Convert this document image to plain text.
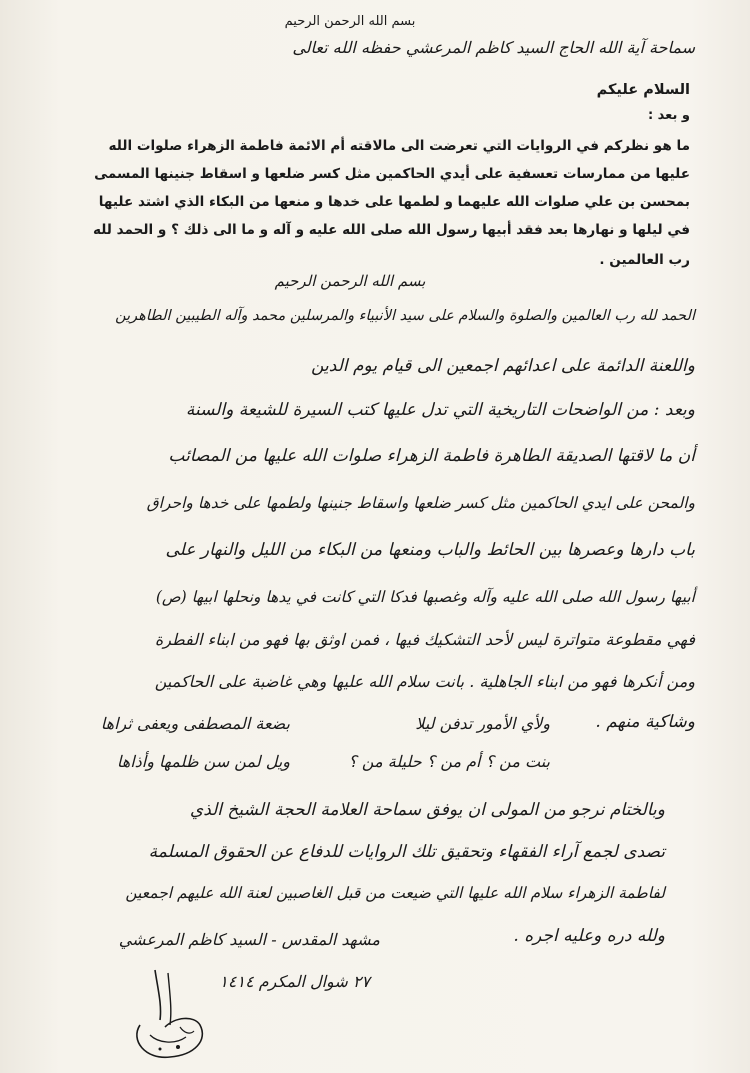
بسم الله الرحمن الرحيم
سماحة آية الله الحاج السيد كاظم المرعشي حفظه الله تعالى
السلام عليكم
و بعد :
ما هو نظركم في الروايات التي تعرضت الى مالاقته أم الائمة فاطمة الزهراء صلوات الله
عليها من ممارسات تعسفية على أيدي الحاكمين مثل كسر ضلعها و اسقاط جنينها المسمى
بمحسن بن علي صلوات الله عليهما و لطمها على خدها و منعها من البكاء الذي اشتد عليها
في ليلها و نهارها بعد فقد أبيها رسول الله صلى الله عليه و آله و ما الى ذلك ؟ و الحمد لله
رب العالمين .
بسم الله الرحمن الرحيم
الحمد لله رب العالمين والصلوة والسلام على سيد الأنبياء والمرسلين محمد وآله الطيبين الطاهرين
واللعنة الدائمة على اعدائهم اجمعين الى قيام يوم الدين
وبعد : من الواضحات التاريخية التي تدل عليها كتب السيرة للشيعة والسنة
أن ما لاقتها الصديقة الطاهرة فاطمة الزهراء صلوات الله عليها من المصائب
والمحن على ايدي الحاكمين مثل كسر ضلعها واسقاط جنينها ولطمها على خدها واحراق
باب دارها وعصرها بين الحائط والباب ومنعها من البكاء من الليل والنهار على
أبيها رسول الله صلى الله عليه وآله وغصبها فدكا التي كانت في يدها ونحلها ابيها (ص)
فهي مقطوعة متواترة ليس لأحد التشكيك فيها ، فمن اوثق بها فهو من ابناء الفطرة
ومن أنكرها فهو من ابناء الجاهلية . بانت سلام الله عليها وهي غاضبة على الحاكمين
وشاكية منهم .
ولأي الأمور تدفن ليلا
بضعة المصطفى ويعفى ثراها
بنت من ؟ أم من ؟ حليلة من ؟
ويل لمن سن ظلمها وأذاها
وبالختام نرجو من المولى ان يوفق سماحة العلامة الحجة الشيخ الذي
تصدى لجمع آراء الفقهاء وتحقيق تلك الروايات للدفاع عن الحقوق المسلمة
لفاطمة الزهراء سلام الله عليها التي ضيعت من قبل الغاصبين لعنة الله عليهم اجمعين
ولله دره وعليه اجره .
مشهد المقدس - السيد كاظم المرعشي
٢٧ شوال المكرم ١٤١٤
